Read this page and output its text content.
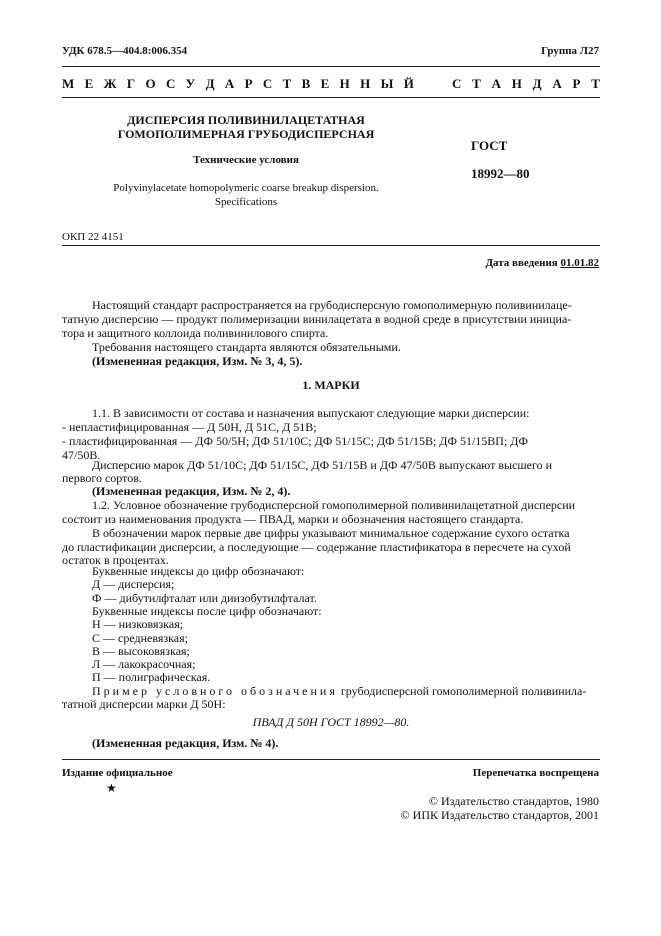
УДК 678.5—404.8:006.354	Группа Л27
М Е Ж Г О С У Д А Р С Т В Е Н Н Ы Й	С Т А Н Д А Р Т
ДИСПЕРСИЯ ПОЛИВИНИЛАЦЕТАТНАЯ
ГОМОПОЛИМЕРНАЯ ГРУБОДИСПЕРСНАЯ
Технические условия
Polyvinylacetate homopolymeric coarse breakup dispersion.
Specifications
ГОСТ
18992—80
ОКП 22 4151
Дата введения 01.01.82
Настоящий стандарт распространяется на грубодисперсную гомополимерную поливинилаце-
татную дисперсию — продукт полимеризации винилацетата в водной среде в присутствии инициа-
тора и защитного коллоида поливинилового спирта.
Требования настоящего стандарта являются обязательными.
(Измененная редакция, Изм. № 3, 4, 5).
1. МАРКИ
1.1. В зависимости от состава и назначения выпускают следующие марки дисперсии:
- непластифицированная — Д 50Н, Д 51С, Д 51В;
- пластифицированная — ДФ 50/5Н; ДФ 51/10С; ДФ 51/15С; ДФ 51/15В; ДФ 51/15ВП; ДФ
47/50В.
Дисперсию марок ДФ 51/10С; ДФ 51/15С, ДФ 51/15В и ДФ 47/50В выпускают высшего и
первого сортов.
(Измененная редакция, Изм. № 2, 4).
1.2. Условное обозначение грубодисперсной гомополимерной поливинилацетатной дисперсии
состоит из наименования продукта — ПВАД, марки и обозначения настоящего стандарта.
В обозначении марок первые две цифры указывают минимальное содержание сухого остатка
до пластификации дисперсии, а последующие — содержание пластификатора в пересчете на сухой
остаток в процентах.
Буквенные индексы до цифр обозначают:
Д — дисперсия;
Ф — дибутилфталат или диизобутилфталат.
Буквенные индексы после цифр обозначают:
Н — низковязкая;
С — средневязкая;
В — высоковязкая;
Л — лакокрасочная;
П — полиграфическая.
Пример условного обозначения грубодисперсной гомополимерной поливинила-
татной дисперсии марки Д 50Н:
ПВАД Д 50Н ГОСТ 18992—80.
(Измененная редакция, Изм. № 4).
Издание официальное	Перепечатка воспрещена
★
© Издательство стандартов, 1980
© ИПК Издательство стандартов, 2001
